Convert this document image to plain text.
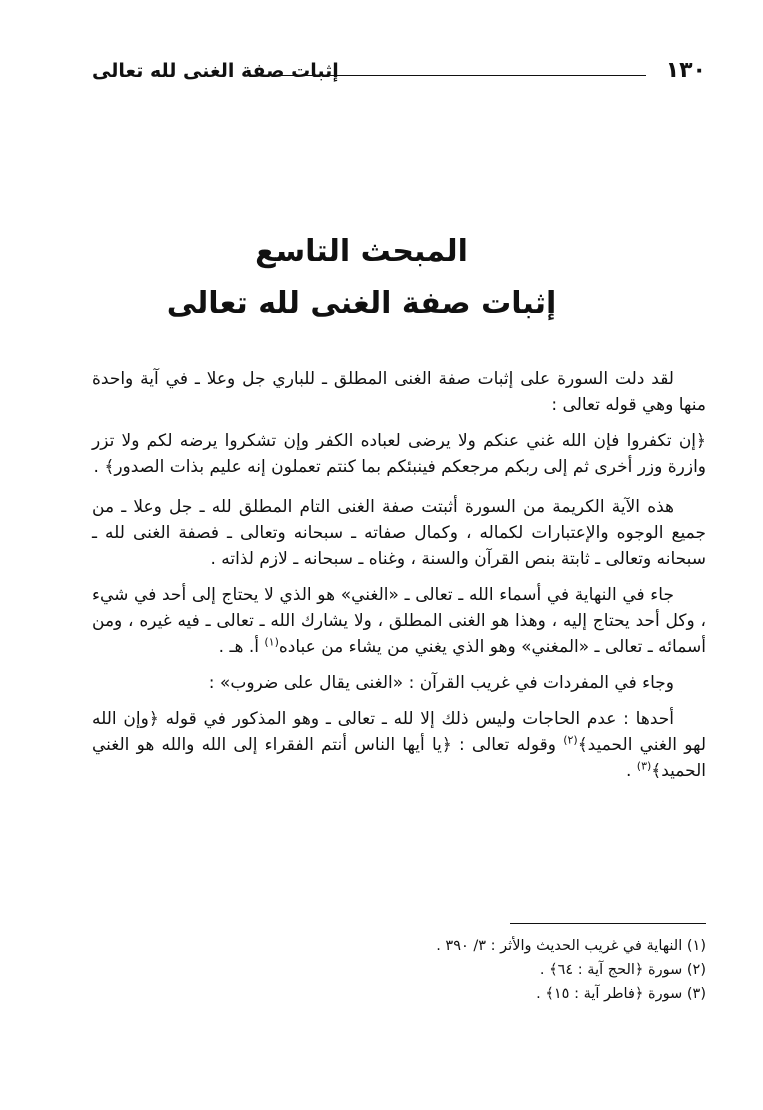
إثبات صفة الغنى لله تعالى	١٣٠
المبحث التاسع
إثبات صفة الغنى لله تعالى

لقد دلت السورة على إثبات صفة الغنى المطلق ـ للباري جل وعلا ـ في آية واحدة منها وهي قوله تعالى :

﴿إن تكفروا فإن الله غني عنكم ولا يرضى لعباده الكفر وإن تشكروا يرضه لكم ولا تزر وازرة وزر أخرى ثم إلى ربكم مرجعكم فينبئكم بما كنتم تعملون إنه عليم بذات الصدور﴾ .

هذه الآية الكريمة من السورة أثبتت صفة الغنى التام المطلق لله ـ جل وعلا ـ من جميع الوجوه والإعتبارات لكماله ، وكمال صفاته ـ سبحانه وتعالى ـ فصفة الغنى لله ـ سبحانه وتعالى ـ ثابتة بنص القرآن والسنة ، وغناه ـ سبحانه ـ لازم لذاته .

جاء في النهاية في أسماء الله ـ تعالى ـ «الغني» هو الذي لا يحتاج إلى أحد في شيء ، وكل أحد يحتاج إليه ، وهذا هو الغنى المطلق ، ولا يشارك الله ـ تعالى ـ فيه غيره ، ومن أسمائه ـ تعالى ـ «المغني» وهو الذي يغني من يشاء من عباده$^{(١)}$ أ. هـ .

وجاء في المفردات في غريب القرآن : «الغنى يقال على ضروب» :

أحدها : عدم الحاجات وليس ذلك إلا لله ـ تعالى ـ وهو المذكور في قوله ﴿وإن الله لهو الغني الحميد﴾$^{(٢)}$ وقوله تعالى : ﴿يا أيها الناس أنتم الفقراء إلى الله والله هو الغني الحميد﴾$^{(٣)}$ .

(١) النهاية في غريب الحديث والأثر : ٣/ ٣٩٠ .
(٢) سورة ﴿الحج آية : ٦٤﴾ .
(٣) سورة ﴿فاطر آية : ١٥﴾ .
